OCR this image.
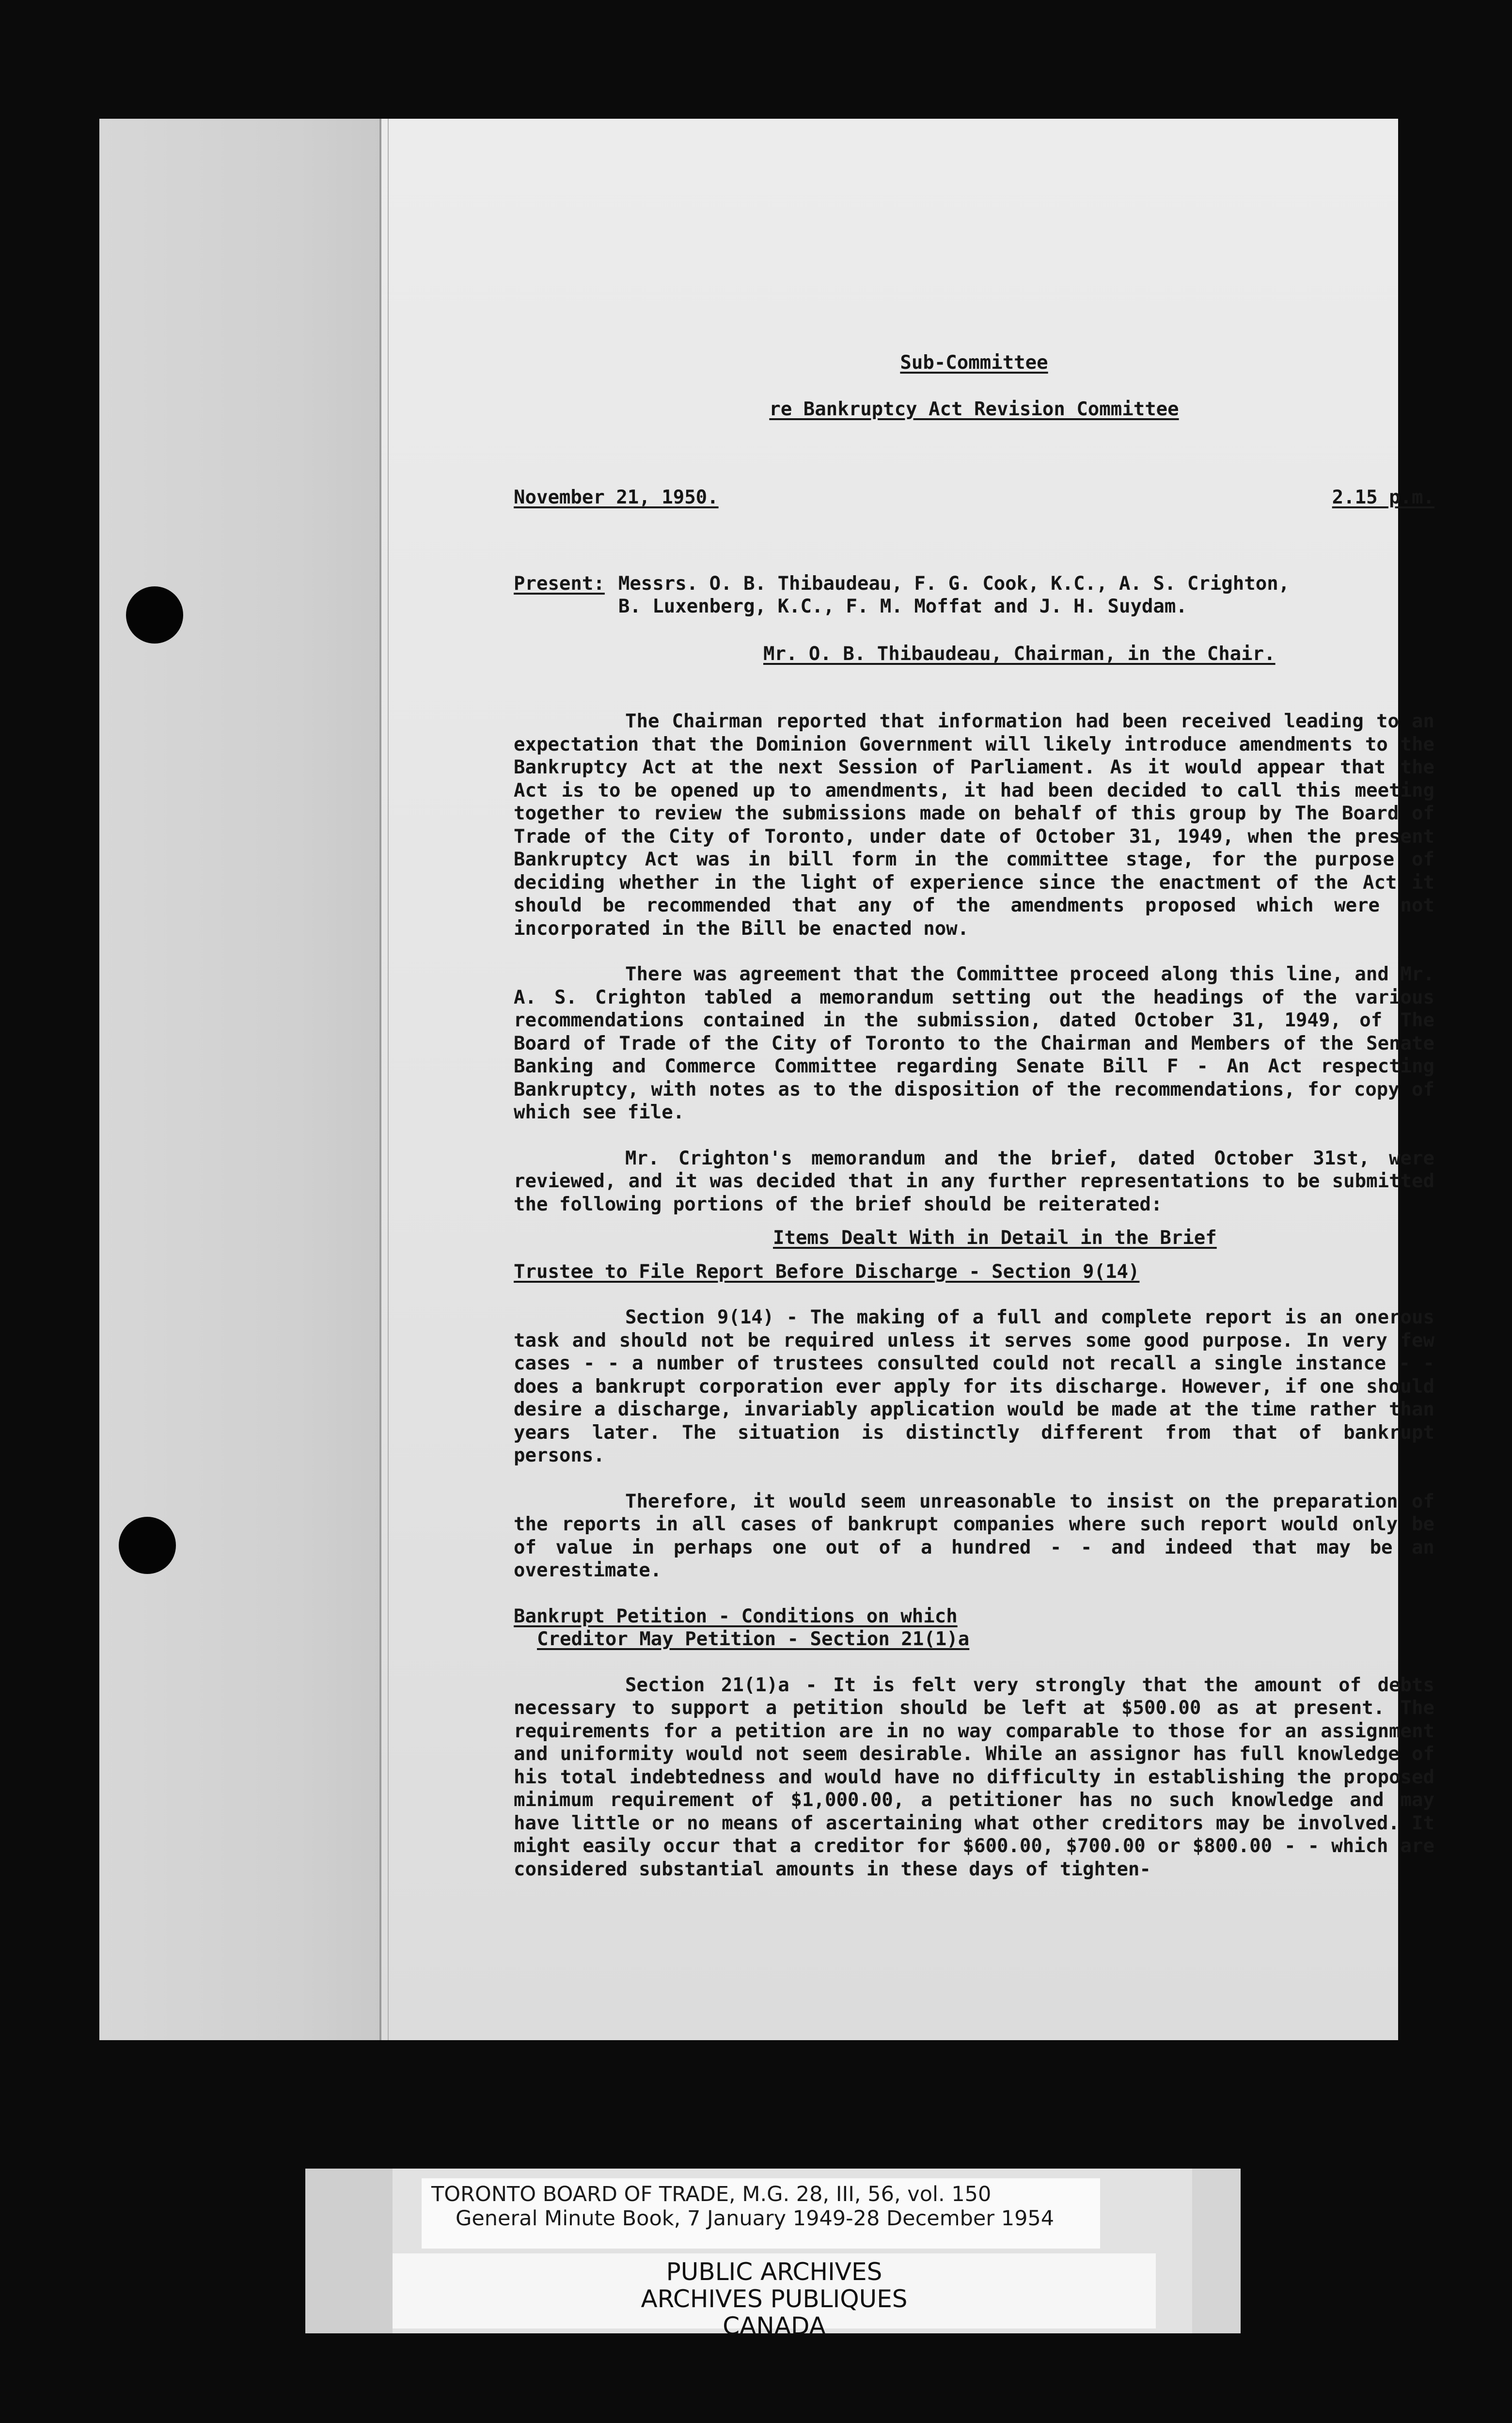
Sub-Committee
re Bankruptcy Act Revision Committee
November 21, 1950.	2.15 p.m.
Present: Messrs. O. B. Thibaudeau, F. G. Cook, K.C., A. S. Crighton,
B. Luxenberg, K.C., F. M. Moffat and J. H. Suydam.
Mr. O. B. Thibaudeau, Chairman, in the Chair.

The Chairman reported that information had been received leading to an expectation that the Dominion Government will likely introduce amendments to the Bankruptcy Act at the next Session of Parliament. As it would appear that the Act is to be opened up to amendments, it had been decided to call this meeting together to review the submissions made on behalf of this group by The Board of Trade of the City of Toronto, under date of October 31, 1949, when the present Bankruptcy Act was in bill form in the committee stage, for the purpose of deciding whether in the light of experience since the enactment of the Act it should be recommended that any of the amendments proposed which were not incorporated in the Bill be enacted now.

There was agreement that the Committee proceed along this line, and Mr. A. S. Crighton tabled a memorandum setting out the headings of the various recommendations contained in the submission, dated October 31, 1949, of The Board of Trade of the City of Toronto to the Chairman and Members of the Senate Banking and Commerce Committee regarding Senate Bill F - An Act respecting Bankruptcy, with notes as to the disposition of the recommendations, for copy of which see file.

Mr. Crighton's memorandum and the brief, dated October 31st, were reviewed, and it was decided that in any further representations to be submitted the following portions of the brief should be reiterated:

Items Dealt With in Detail in the Brief
Trustee to File Report Before Discharge - Section 9(14)

Section 9(14) - The making of a full and complete report is an onerous task and should not be required unless it serves some good purpose. In very few cases - - a number of trustees consulted could not recall a single instance - - does a bankrupt corporation ever apply for its discharge. However, if one should desire a discharge, invariably application would be made at the time rather than years later. The situation is distinctly different from that of bankrupt persons.

Therefore, it would seem unreasonable to insist on the preparation of the reports in all cases of bankrupt companies where such report would only be of value in perhaps one out of a hundred - - and indeed that may be an overestimate.

Bankrupt Petition - Conditions on which
Creditor May Petition - Section 21(1)a

Section 21(1)a - It is felt very strongly that the amount of debts necessary to support a petition should be left at $500.00 as at present. The requirements for a petition are in no way comparable to those for an assignment and uniformity would not seem desirable. While an assignor has full knowledge of his total indebtedness and would have no difficulty in establishing the proposed minimum requirement of $1,000.00, a petitioner has no such knowledge and may have little or no means of ascertaining what other creditors may be involved. It might easily occur that a creditor for $600.00, $700.00 or $800.00 - - which are considered substantial amounts in these days of tighten-

TORONTO BOARD OF TRADE, M.G. 28, III, 56, vol. 150
General Minute Book, 7 January 1949-28 December 1954
PUBLIC ARCHIVES
ARCHIVES PUBLIQUES
CANADA
